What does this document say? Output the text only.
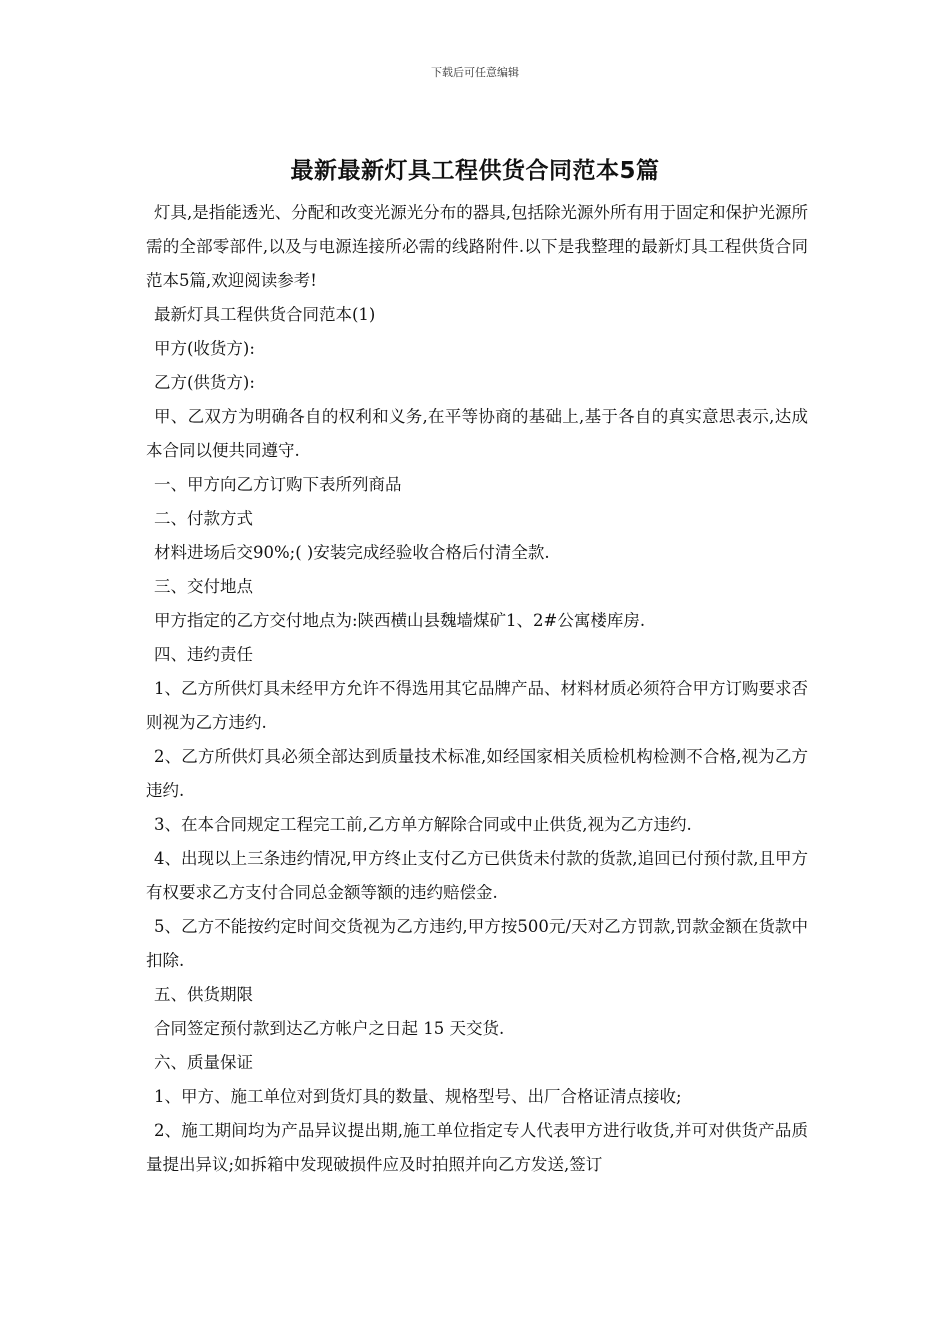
下载后可任意编辑
最新最新灯具工程供货合同范本5篇

灯具,是指能透光、分配和改变光源光分布的器具,包括除光源外所有用于固定和保护光源所需的全部零部件,以及与电源连接所必需的线路附件.以下是我整理的最新灯具工程供货合同范本5篇,欢迎阅读参考!

最新灯具工程供货合同范本(1)

甲方(收货方):

乙方(供货方):

甲、乙双方为明确各自的权利和义务,在平等协商的基础上,基于各自的真实意思表示,达成本合同以便共同遵守.

一、甲方向乙方订购下表所列商品

二、付款方式

材料进场后交90%;( )安装完成经验收合格后付清全款.

三、交付地点

甲方指定的乙方交付地点为:陕西横山县魏墙煤矿1、2#公寓楼库房.

四、违约责任

1、乙方所供灯具未经甲方允许不得选用其它品牌产品、材料材质必须符合甲方订购要求否则视为乙方违约.

2、乙方所供灯具必须全部达到质量技术标准,如经国家相关质检机构检测不合格,视为乙方违约.

3、在本合同规定工程完工前,乙方单方解除合同或中止供货,视为乙方违约.

4、出现以上三条违约情况,甲方终止支付乙方已供货未付款的货款,追回已付预付款,且甲方有权要求乙方支付合同总金额等额的违约赔偿金.

5、乙方不能按约定时间交货视为乙方违约,甲方按500元/天对乙方罚款,罚款金额在货款中扣除.

五、供货期限

合同签定预付款到达乙方帐户之日起 15 天交货.

六、质量保证

1、甲方、施工单位对到货灯具的数量、规格型号、出厂合格证清点接收;

2、施工期间均为产品异议提出期,施工单位指定专人代表甲方进行收货,并可对供货产品质量提出异议;如拆箱中发现破损件应及时拍照并向乙方发送,签订
